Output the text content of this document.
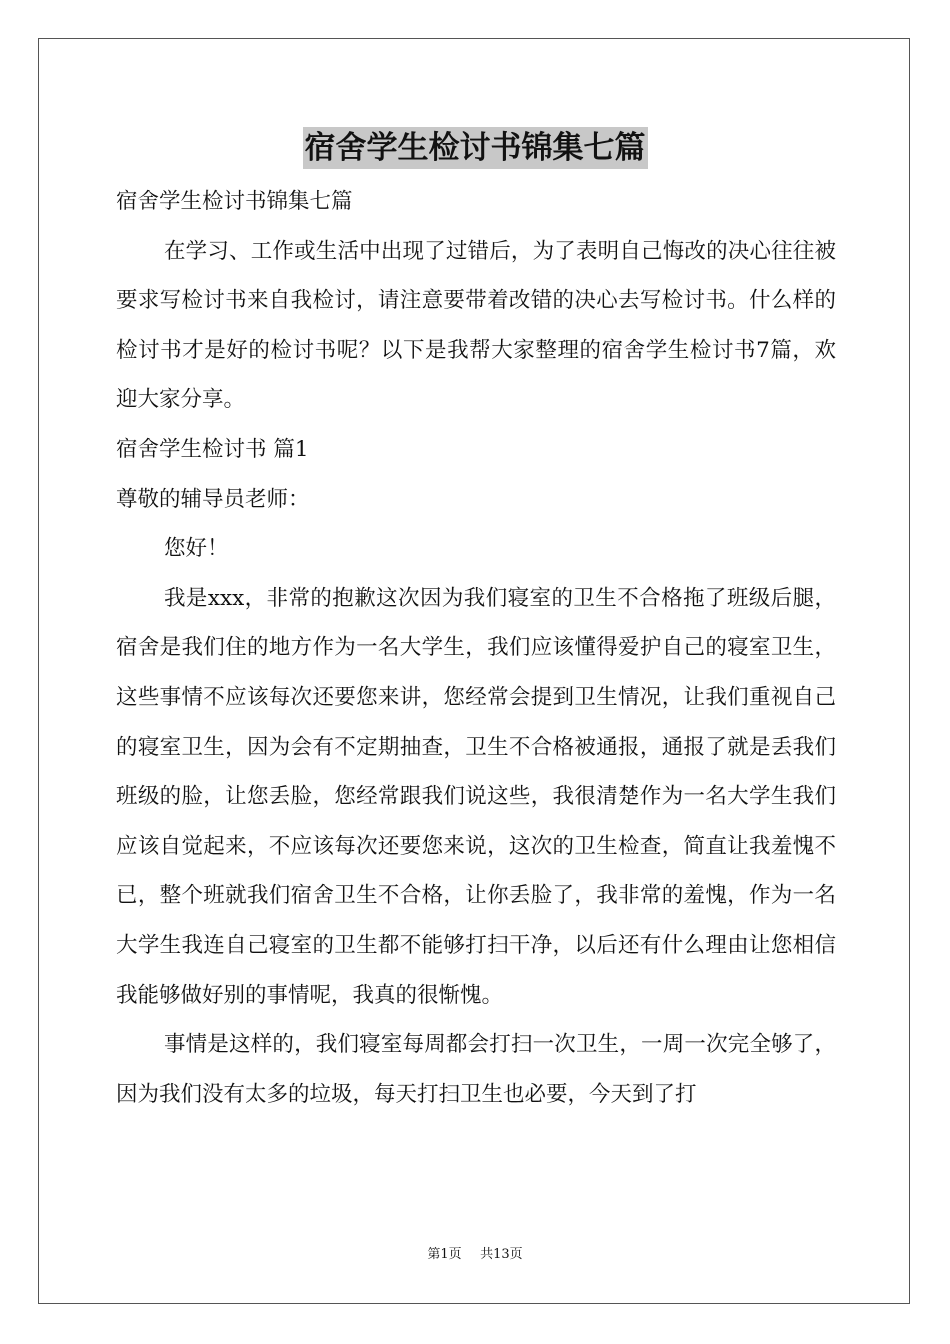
宿舍学生检讨书锦集七篇

宿舍学生检讨书锦集七篇

在学习、工作或生活中出现了过错后，为了表明自己悔改的决心往往被要求写检讨书来自我检讨，请注意要带着改错的决心去写检讨书。什么样的检讨书才是好的检讨书呢？以下是我帮大家整理的宿舍学生检讨书7篇，欢迎大家分享。

宿舍学生检讨书 篇1

尊敬的辅导员老师：

您好！

我是xxx，非常的抱歉这次因为我们寝室的卫生不合格拖了班级后腿，宿舍是我们住的地方作为一名大学生，我们应该懂得爱护自己的寝室卫生，这些事情不应该每次还要您来讲，您经常会提到卫生情况，让我们重视自己的寝室卫生，因为会有不定期抽查，卫生不合格被通报，通报了就是丢我们班级的脸，让您丢脸，您经常跟我们说这些，我很清楚作为一名大学生我们应该自觉起来，不应该每次还要您来说，这次的卫生检查，简直让我羞愧不已，整个班就我们宿舍卫生不合格，让你丢脸了，我非常的羞愧，作为一名大学生我连自己寝室的卫生都不能够打扫干净，以后还有什么理由让您相信我能够做好别的事情呢，我真的很惭愧。

事情是这样的，我们寝室每周都会打扫一次卫生，一周一次完全够了，因为我们没有太多的垃圾，每天打扫卫生也必要，今天到了打

第1页 共13页
